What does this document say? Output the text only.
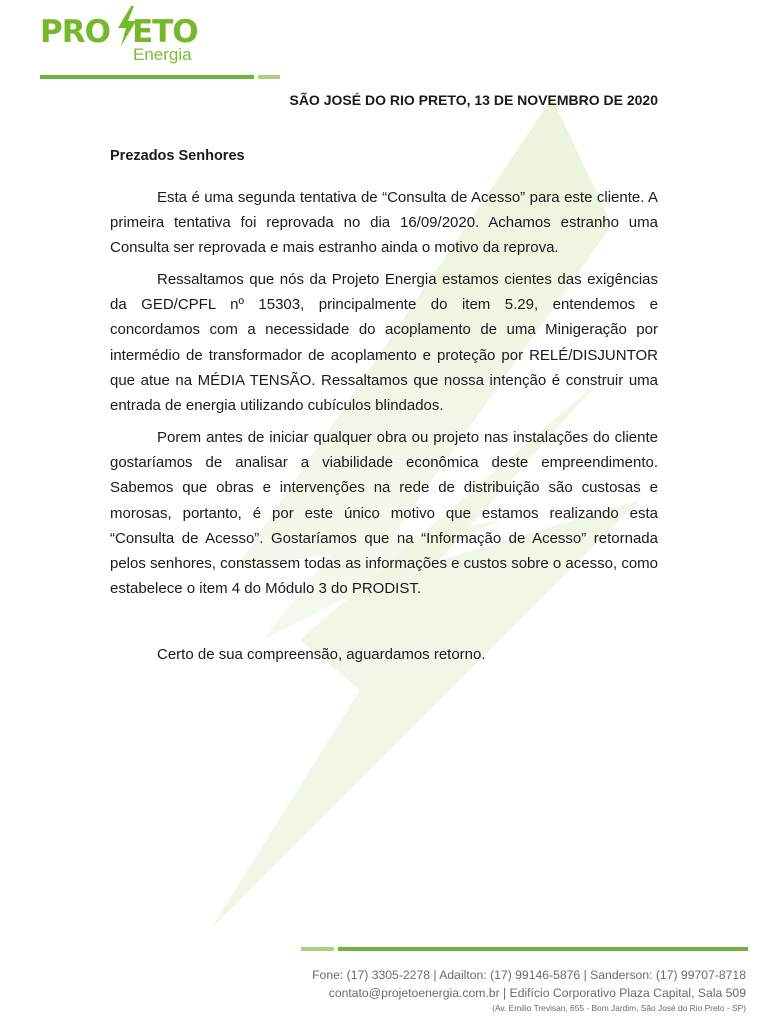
PRO ETO
Energia
SÃO JOSÉ DO RIO PRETO, 13 DE NOVEMBRO DE 2020
Prezados Senhores

Esta é uma segunda tentativa de “Consulta de Acesso” para este cliente. A primeira tentativa foi reprovada no dia 16/09/2020. Achamos estranho uma Consulta ser reprovada e mais estranho ainda o motivo da reprova.

Ressaltamos que nós da Projeto Energia estamos cientes das exigências da GED/CPFL nº 15303, principalmente do item 5.29, entendemos e concordamos com a necessidade do acoplamento de uma Minigeração por intermédio de transformador de acoplamento e proteção por RELÉ/DISJUNTOR que atue na MÉDIA TENSÃO. Ressaltamos que nossa intenção é construir uma entrada de energia utilizando cubículos blindados.

Porem antes de iniciar qualquer obra ou projeto nas instalações do cliente gostaríamos de analisar a viabilidade econômica deste empreendimento. Sabemos que obras e intervenções na rede de distribuição são custosas e morosas, portanto, é por este único motivo que estamos realizando esta “Consulta de Acesso”. Gostaríamos que na “Informação de Acesso” retornada pelos senhores, constassem todas as informações e custos sobre o acesso, como estabelece o item 4 do Módulo 3 do PRODIST.

Certo de sua compreensão, aguardamos retorno.
Fone: (17) 3305-2278 | Adailton: (17) 99146-5876 | Sanderson: (17) 99707-8718
contato@projetoenergia.com.br | Edifício Corporativo Plaza Capital, Sala 509
(Av. Emilio Trevisan, 655 - Bom Jardim, São José do Rio Preto - SP)
